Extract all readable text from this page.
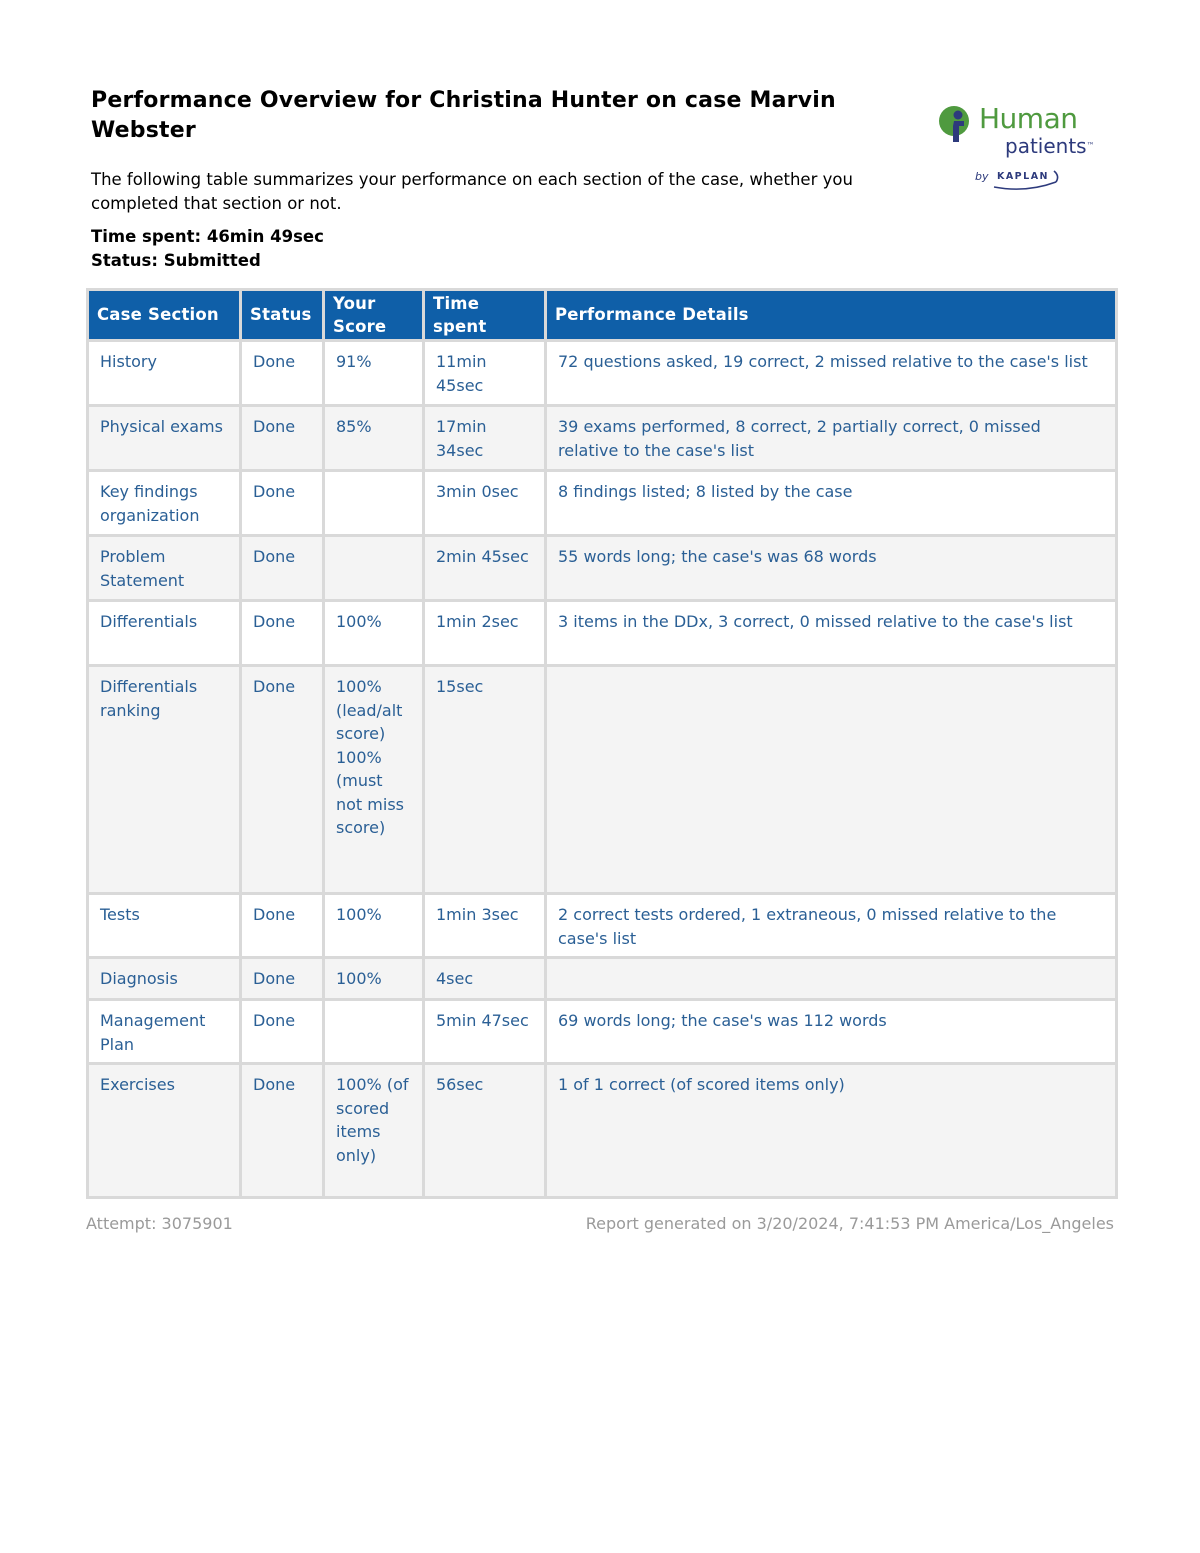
Performance Overview for Christina Hunter on case Marvin Webster	Human
patients™
by KAPLAN

The following table summarizes your performance on each section of the case, whether you completed that section or not.

Time spent: 46min 49sec
Status: Submitted
Case Section	Status	Your Score	Time spent	Performance Details
History	Done	91%	11min 45sec	72 questions asked, 19 correct, 2 missed relative to the case's list
Physical exams	Done	85%	17min 34sec	39 exams performed, 8 correct, 2 partially correct, 0 missed relative to the case's list
Key findings organization	Done		3min 0sec	8 findings listed; 8 listed by the case
Problem Statement	Done		2min 45sec	55 words long; the case's was 68 words
Differentials	Done	100%	1min 2sec	3 items in the DDx, 3 correct, 0 missed relative to the case's list
Differentials ranking	Done	100% (lead/alt score) 100% (must not miss score)	15sec	
Tests	Done	100%	1min 3sec	2 correct tests ordered, 1 extraneous, 0 missed relative to the case's list
Diagnosis	Done	100%	4sec	
Management Plan	Done		5min 47sec	69 words long; the case's was 112 words
Exercises	Done	100% (of scored items only)	56sec	1 of 1 correct (of scored items only)
Attempt: 3075901	Report generated on 3/20/2024, 7:41:53 PM America/Los_Angeles
